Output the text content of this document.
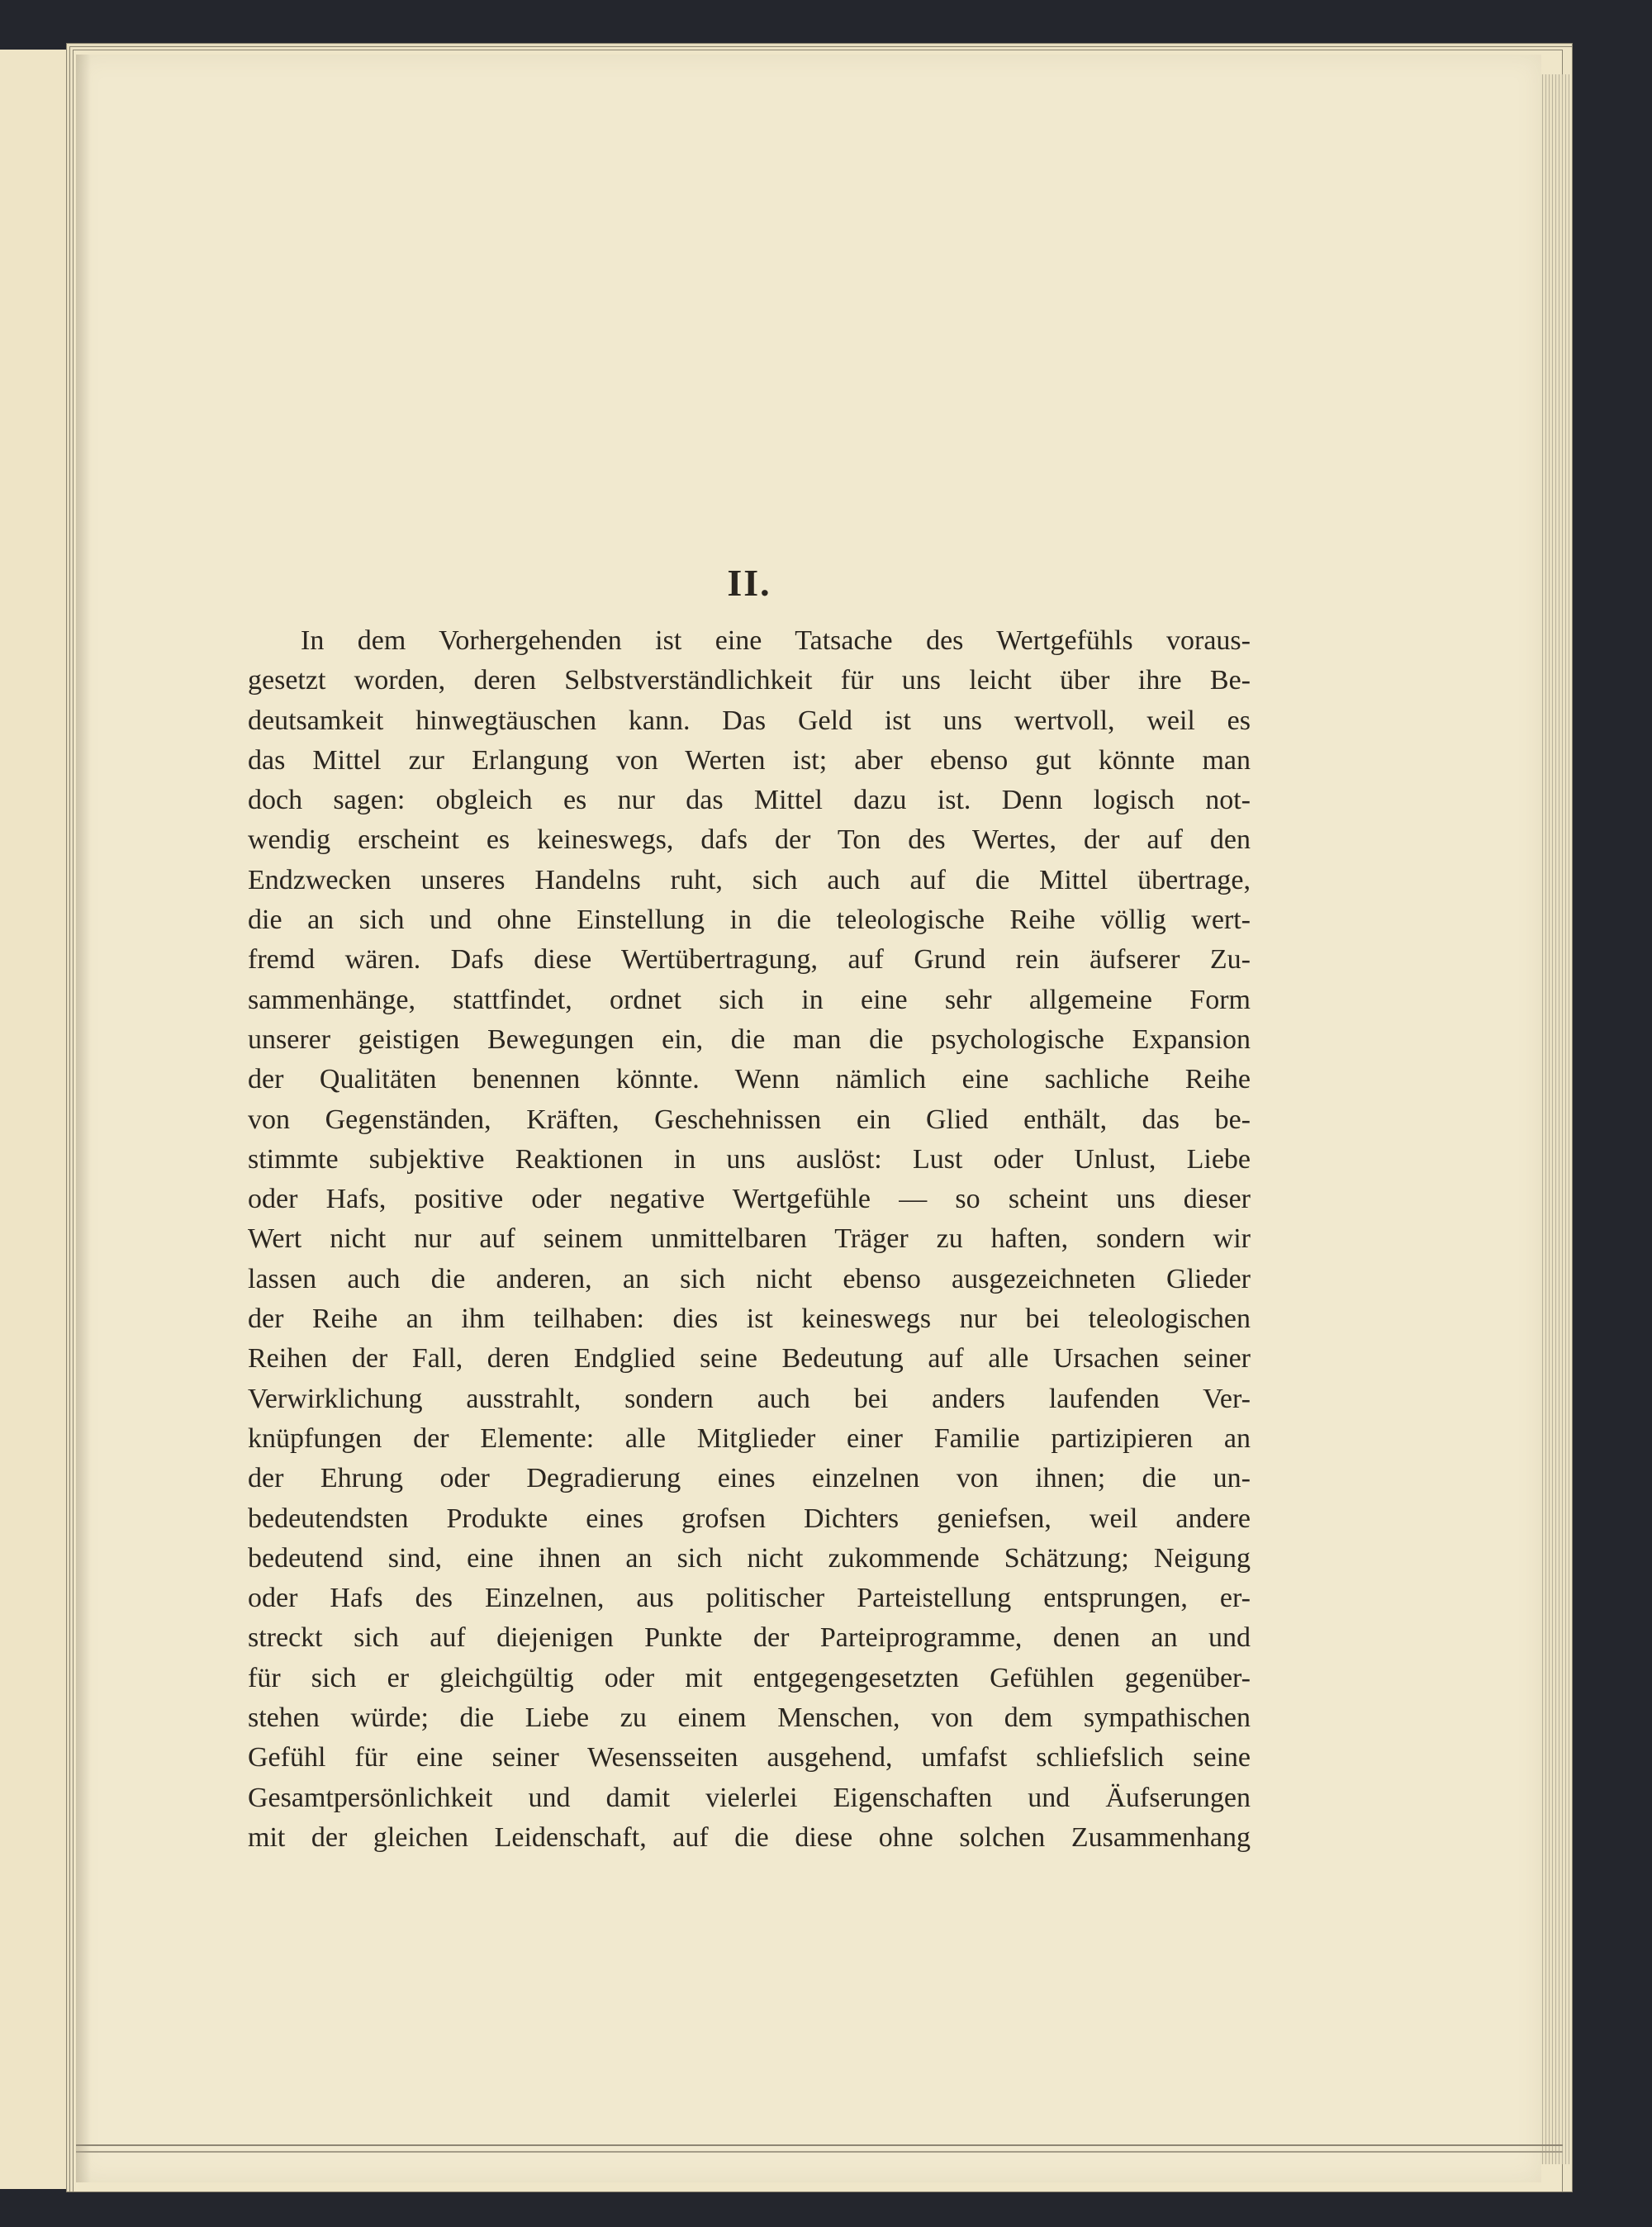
II.
In dem Vorhergehenden ist eine Tatsache des Wertgefühls voraus-
gesetzt worden, deren Selbstverständlichkeit für uns leicht über ihre Be-
deutsamkeit hinwegtäuschen kann. Das Geld ist uns wertvoll, weil es
das Mittel zur Erlangung von Werten ist; aber ebenso gut könnte man
doch sagen: obgleich es nur das Mittel dazu ist. Denn logisch not-
wendig erscheint es keineswegs, dafs der Ton des Wertes, der auf den
Endzwecken unseres Handelns ruht, sich auch auf die Mittel übertrage,
die an sich und ohne Einstellung in die teleologische Reihe völlig wert-
fremd wären. Dafs diese Wertübertragung, auf Grund rein äufserer Zu-
sammenhänge, stattfindet, ordnet sich in eine sehr allgemeine Form
unserer geistigen Bewegungen ein, die man die psychologische Expansion
der Qualitäten benennen könnte. Wenn nämlich eine sachliche Reihe
von Gegenständen, Kräften, Geschehnissen ein Glied enthält, das be-
stimmte subjektive Reaktionen in uns auslöst: Lust oder Unlust, Liebe
oder Hafs, positive oder negative Wertgefühle — so scheint uns dieser
Wert nicht nur auf seinem unmittelbaren Träger zu haften, sondern wir
lassen auch die anderen, an sich nicht ebenso ausgezeichneten Glieder
der Reihe an ihm teilhaben: dies ist keineswegs nur bei teleologischen
Reihen der Fall, deren Endglied seine Bedeutung auf alle Ursachen seiner
Verwirklichung ausstrahlt, sondern auch bei anders laufenden Ver-
knüpfungen der Elemente: alle Mitglieder einer Familie partizipieren an
der Ehrung oder Degradierung eines einzelnen von ihnen; die un-
bedeutendsten Produkte eines grofsen Dichters geniefsen, weil andere
bedeutend sind, eine ihnen an sich nicht zukommende Schätzung; Neigung
oder Hafs des Einzelnen, aus politischer Parteistellung entsprungen, er-
streckt sich auf diejenigen Punkte der Parteiprogramme, denen an und
für sich er gleichgültig oder mit entgegengesetzten Gefühlen gegenüber-
stehen würde; die Liebe zu einem Menschen, von dem sympathischen
Gefühl für eine seiner Wesensseiten ausgehend, umfafst schliefslich seine
Gesamtpersönlichkeit und damit vielerlei Eigenschaften und Äufserungen
mit der gleichen Leidenschaft, auf die diese ohne solchen Zusammenhang
